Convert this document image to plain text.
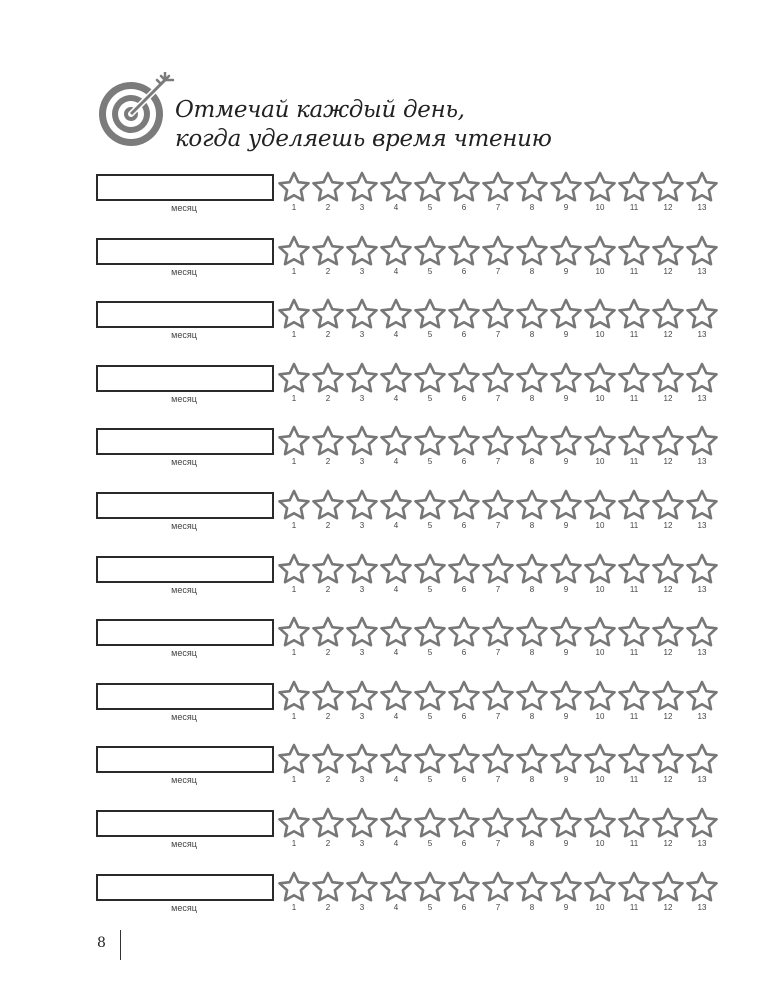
Отмечай каждый день,
когда уделяешь время чтению
месяц	1	2	3	4	5	6	7	8	9	10	11	12	13
месяц	1	2	3	4	5	6	7	8	9	10	11	12	13
месяц	1	2	3	4	5	6	7	8	9	10	11	12	13
месяц	1	2	3	4	5	6	7	8	9	10	11	12	13
месяц	1	2	3	4	5	6	7	8	9	10	11	12	13
месяц	1	2	3	4	5	6	7	8	9	10	11	12	13
месяц	1	2	3	4	5	6	7	8	9	10	11	12	13
месяц	1	2	3	4	5	6	7	8	9	10	11	12	13
месяц	1	2	3	4	5	6	7	8	9	10	11	12	13
месяц	1	2	3	4	5	6	7	8	9	10	11	12	13
месяц	1	2	3	4	5	6	7	8	9	10	11	12	13
месяц	1	2	3	4	5	6	7	8	9	10	11	12	13
8
